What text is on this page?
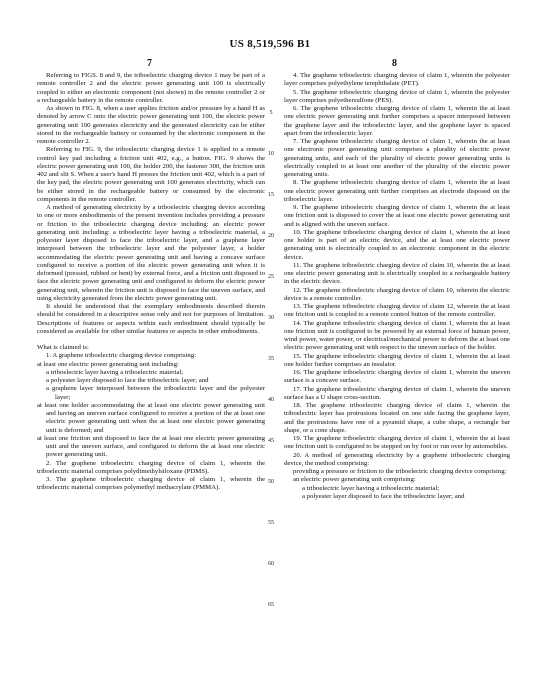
US 8,519,596 B1
7	8
5
10
15
20
25
30
35
40
45
50
55
60
65

Referring to FIGS. 8 and 9, the triboelectric charging device 1 may be part of a remote controller 2 and the electric power generating unit 100 is electrically coupled to either an electronic component (not shown) in the remote controller 2 or a rechargeable battery in the remote controller.

As shown in FIG. 8, when a user applies friction and/or pressure by a hand H as denoted by arrow C onto the electric power generating unit 100, the electric power generating unit 100 generates electricity and the generated electricity can be either stored in the rechargeable battery or consumed by the electronic component in the remote controller 2.

Referring to FIG. 9, the triboelectric charging device 1 is applied to a remote control key pad including a friction unit 402, e.g., a button. FIG. 9 shows the electric power generating unit 100, the holder 200, the fastener 300, the friction unit 402 and slit S. When a user's hand H presses the friction unit 402, which is a part of the key pad, the electric power generating unit 100 generates electricity, which can be either stored in the rechargeable battery or consumed by the electronic components in the remote controller.

A method of generating electricity by a triboelectric charging device according to one or more embodiments of the present invention includes providing a pressure or friction to the triboelectric charging device including: an electric power generating unit including: a triboelectric layer having a triboelectric material, a polyester layer disposed to face the triboelectric layer, and a graphene layer interposed between the triboelectric layer and the polyester layer, a holder accommodating the electric power generating unit and having a concave surface configured to receive a portion of the electric power generating unit when it is deformed (pressed, rubbed or bent) by external force, and a friction unit disposed to face the electric power generating unit and configured to deform the electric power generating unit, wherein the friction unit is disposed to face the uneven surface, and using electricity generated from the electric power generating unit.

It should be understood that the exemplary embodiments described therein should be considered in a descriptive sense only and not for purposes of limitation. Descriptions of features or aspects within each embodiment should typically be considered as available for other similar features or aspects in other embodiments.

What is claimed is:

1. A graphene triboelectric charging device comprising:

at least one electric power generating unit including:

a triboelectric layer having a triboelectric material;

a polyester layer disposed to face the triboelectric layer; and

a graphene layer interposed between the triboelectric layer and the polyester layer;

at least one holder accommodating the at least one electric power generating unit and having an uneven surface configured to receive a portion of the at least one electric power generating unit when the at least one electric power generating unit is deformed; and

at least one friction unit disposed to face the at least one electric power generating unit and the uneven surface, and configured to deform the at least one electric power generating unit.

2. The graphene triboelectric charging device of claim 1, wherein the triboelectric material comprises polydimethylsiloxane (PDMS).

3. The graphene triboelectric charging device of claim 1, wherein the triboelectric material comprises polymethyl methacrylate (PMMA).

4. The graphene triboelectric charging device of claim 1, wherein the polyester layer comprises polyethylene terephthalate (PET).

5. The graphene triboelectric charging device of claim 1, wherein the polyester layer comprises polyethersulfone (PES).

6. The graphene triboelectric charging device of claim 1, wherein the at least one electric power generating unit further comprises a spacer interposed between the graphene layer and the triboelectric layer, and the graphene layer is spaced apart from the triboelectric layer.

7. The graphene triboelectric charging device of claim 1, wherein the at least one electronic power generating unit comprises a plurality of electric power generating units, and each of the plurality of electric power generating units is electrically coupled to at least one another of the plurality of the electric power generating units.

8. The graphene triboelectric charging device of claim 1, wherein the at least one electric power generating unit further comprises an electrode disposed on the triboelectric layer.

9. The graphene triboelectric charging device of claim 1, wherein the at least one friction unit is disposed to cover the at least one electric power generating unit and is aligned with the uneven surface.

10. The graphene triboelectric charging device of claim 1, wherein the at least one holder is part of an electric device, and the at least one electric power generating unit is electrically coupled to an electronic component in the electric device.

11. The graphene triboelectric charging device of claim 10, wherein the at least one electric power generating unit is electrically coupled to a rechargeable battery in the electric device.

12. The graphene triboelectric charging device of claim 10, wherein the electric device is a remote controller.

13. The graphene triboelectric charging device of claim 12, wherein the at least one friction unit is coupled to a remote control button of the remote controller.

14. The graphene triboelectric charging device of claim 1, wherein the at least one friction unit is configured to be powered by an external force of human power, wind power, water power, or electrical/mechanical power to deform the at least one electric power generating unit with respect to the uneven surface of the holder.

15. The graphene triboelectric charging device of claim 1, wherein the at least one holder further comprises an insulator.

16. The graphene triboelectric charging device of claim 1, wherein the uneven surface is a concave surface.

17. The graphene triboelectric charging device of claim 1, wherein the uneven surface has a U shape cross-section.

18. The graphene triboelectric charging device of claim 1, wherein the triboelectric layer has protrusions located on one side facing the graphene layer, and the protrusions have one of a pyramid shape, a cube shape, a rectangle bar shape, or a cone shape.

19. The graphene triboelectric charging device of claim 1, wherein the at least one friction unit is configured to be stepped on by foot or run over by automobiles.

20. A method of generating electricity by a graphene triboelectric charging device, the method comprising:

providing a pressure or friction to the triboelectric charging device comprising:

an electric power generating unit comprising:

a triboelectric layer having a triboelectric material;

a polyester layer disposed to face the triboelectric layer; and
